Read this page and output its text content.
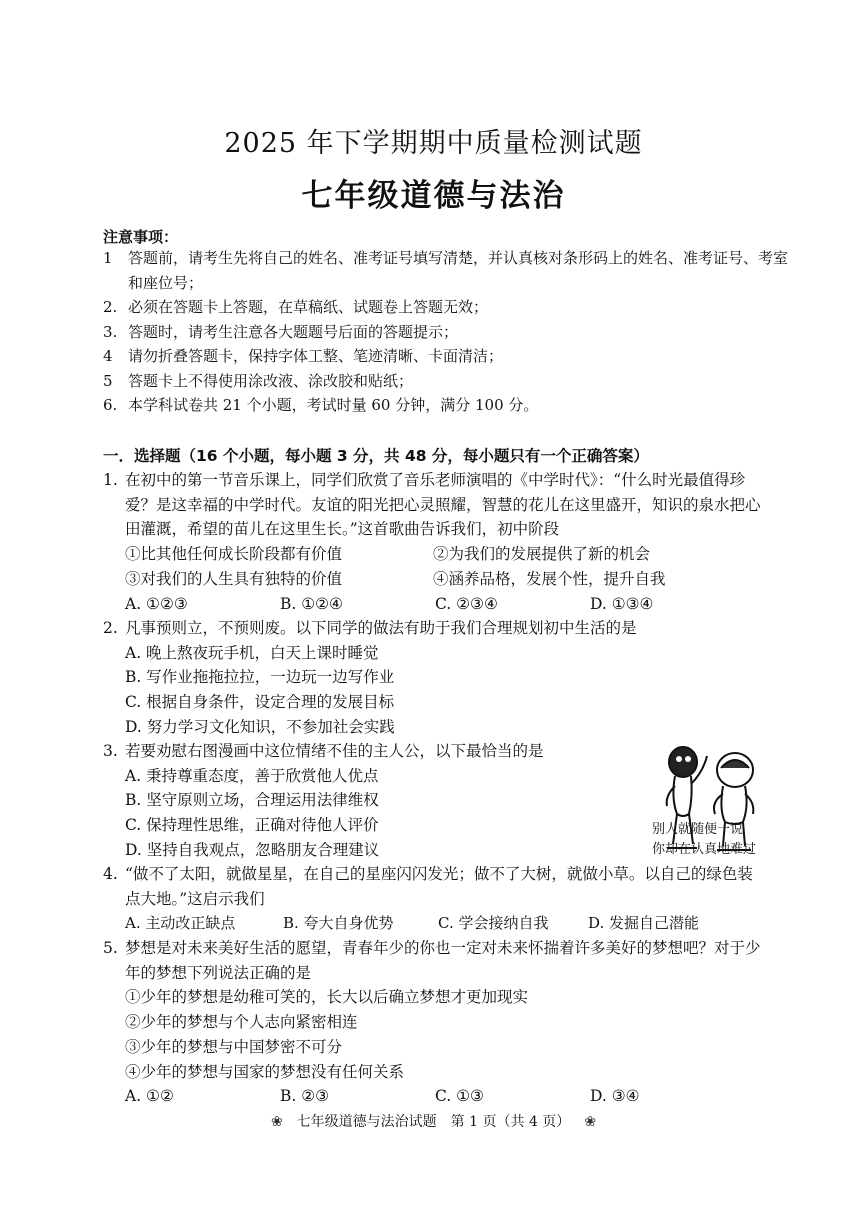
2025 年下学期期中质量检测试题
七年级道德与法治
注意事项：
1	答题前，请考生先将自己的姓名、准考证号填写清楚，并认真核对条形码上的姓名、准考证号、考室和座位号；
2. 必须在答题卡上答题，在草稿纸、试题卷上答题无效；
3. 答题时，请考生注意各大题题号后面的答题提示；
4	请勿折叠答题卡，保持字体工整、笔迹清晰、卡面清洁；
5	答题卡上不得使用涂改液、涂改胶和贴纸；
6. 本学科试卷共 21 个小题，考试时量 60 分钟，满分 100 分。
一．选择题（16 个小题，每小题 3 分，共 48 分，每小题只有一个正确答案）
1. 在初中的第一节音乐课上，同学们欣赏了音乐老师演唱的《中学时代》：“什么时光最值得珍爱？是这幸福的中学时代。友谊的阳光把心灵照耀，智慧的花儿在这里盛开，知识的泉水把心田灌溉，希望的苗儿在这里生长。”这首歌曲告诉我们，初中阶段
①比其他任何成长阶段都有价值	②为我们的发展提供了新的机会
③对我们的人生具有独特的价值	④涵养品格，发展个性，提升自我
A. ①②③	B. ①②④	C. ②③④	D. ①③④
2. 凡事预则立，不预则废。以下同学的做法有助于我们合理规划初中生活的是
A. 晚上熬夜玩手机，白天上课时睡觉
B. 写作业拖拖拉拉，一边玩一边写作业
C. 根据自身条件，设定合理的发展目标
D. 努力学习文化知识，不参加社会实践
3. 若要劝慰右图漫画中这位情绪不佳的主人公，以下最恰当的是
A. 秉持尊重态度，善于欣赏他人优点
B. 坚守原则立场，合理运用法律维权
C. 保持理性思维，正确对待他人评价
D. 坚持自我观点，忽略朋友合理建议
别人就随便一说
你却在认真地难过
4. “做不了太阳，就做星星，在自己的星座闪闪发光；做不了大树，就做小草。以自己的绿色装点大地。”这启示我们
A. 主动改正缺点	B. 夸大自身优势	C. 学会接纳自我	D. 发掘自己潜能
5. 梦想是对未来美好生活的愿望，青春年少的你也一定对未来怀揣着许多美好的梦想吧？对于少年的梦想下列说法正确的是
①少年的梦想是幼稚可笑的，长大以后确立梦想才更加现实
②少年的梦想与个人志向紧密相连
③少年的梦想与中国梦密不可分
④少年的梦想与国家的梦想没有任何关系
A. ①②	B. ②③	C. ①③	D. ③④
❀ 七年级道德与法治试题　第 1 页（共 4 页） ❀
